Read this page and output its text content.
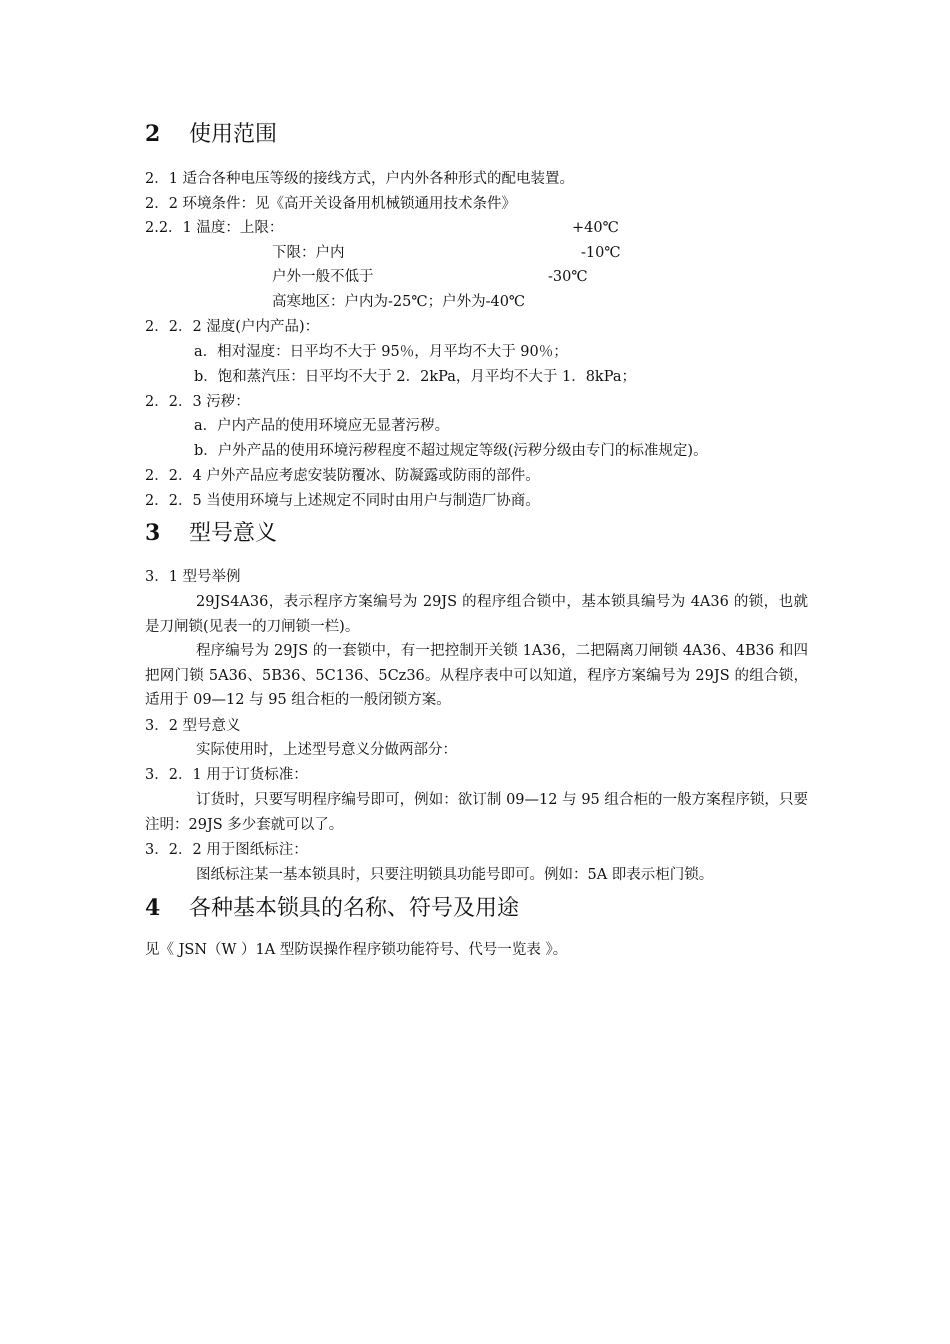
2 使用范围
2．1 适合各种电压等级的接线方式，户内外各种形式的配电装置。
2．2 环境条件：见《高开关设备用机械锁通用技术条件》
2.2．1 温度：上限：	+40℃
下限：户内	-10℃
户外一般不低于	-30℃
高寒地区：户内为-25℃；户外为-40℃
2．2．2 湿度(户内产品)：
a．相对湿度：日平均不大于 95％，月平均不大于 90％；
b．饱和蒸汽压：日平均不大于 2．2kPa，月平均不大于 1．8kPa；
2．2．3 污秽：
a．户内产品的使用环境应无显著污秽。
b．户外产品的使用环境污秽程度不超过规定等级(污秽分级由专门的标准规定)。
2．2．4 户外产品应考虑安装防覆冰、防凝露或防雨的部件。
2．2．5 当使用环境与上述规定不同时由用户与制造厂协商。
3 型号意义
3．1 型号举例
29JS4A36，表示程序方案编号为 29JS 的程序组合锁中，基本锁具编号为 4A36 的锁，也就是刀闸锁(见表一的刀闸锁一栏)。
程序编号为 29JS 的一套锁中，有一把控制开关锁 1A36，二把隔离刀闸锁 4A36、4B36 和四把网门锁 5A36、5B36、5C136、5Cz36。从程序表中可以知道，程序方案编号为 29JS 的组合锁，适用于 09—12 与 95 组合柜的一般闭锁方案。
3．2 型号意义
实际使用时，上述型号意义分做两部分：
3．2．1 用于订货标准：
订货时，只要写明程序编号即可，例如：欲订制 09—12 与 95 组合柜的一般方案程序锁，只要注明：29JS 多少套就可以了。
3．2．2 用于图纸标注：
图纸标注某一基本锁具时，只要注明锁具功能号即可。例如：5A 即表示柜门锁。
4 各种基本锁具的名称、符号及用途
见《 JSN（W ）1A 型防误操作程序锁功能符号、代号一览表 》。
